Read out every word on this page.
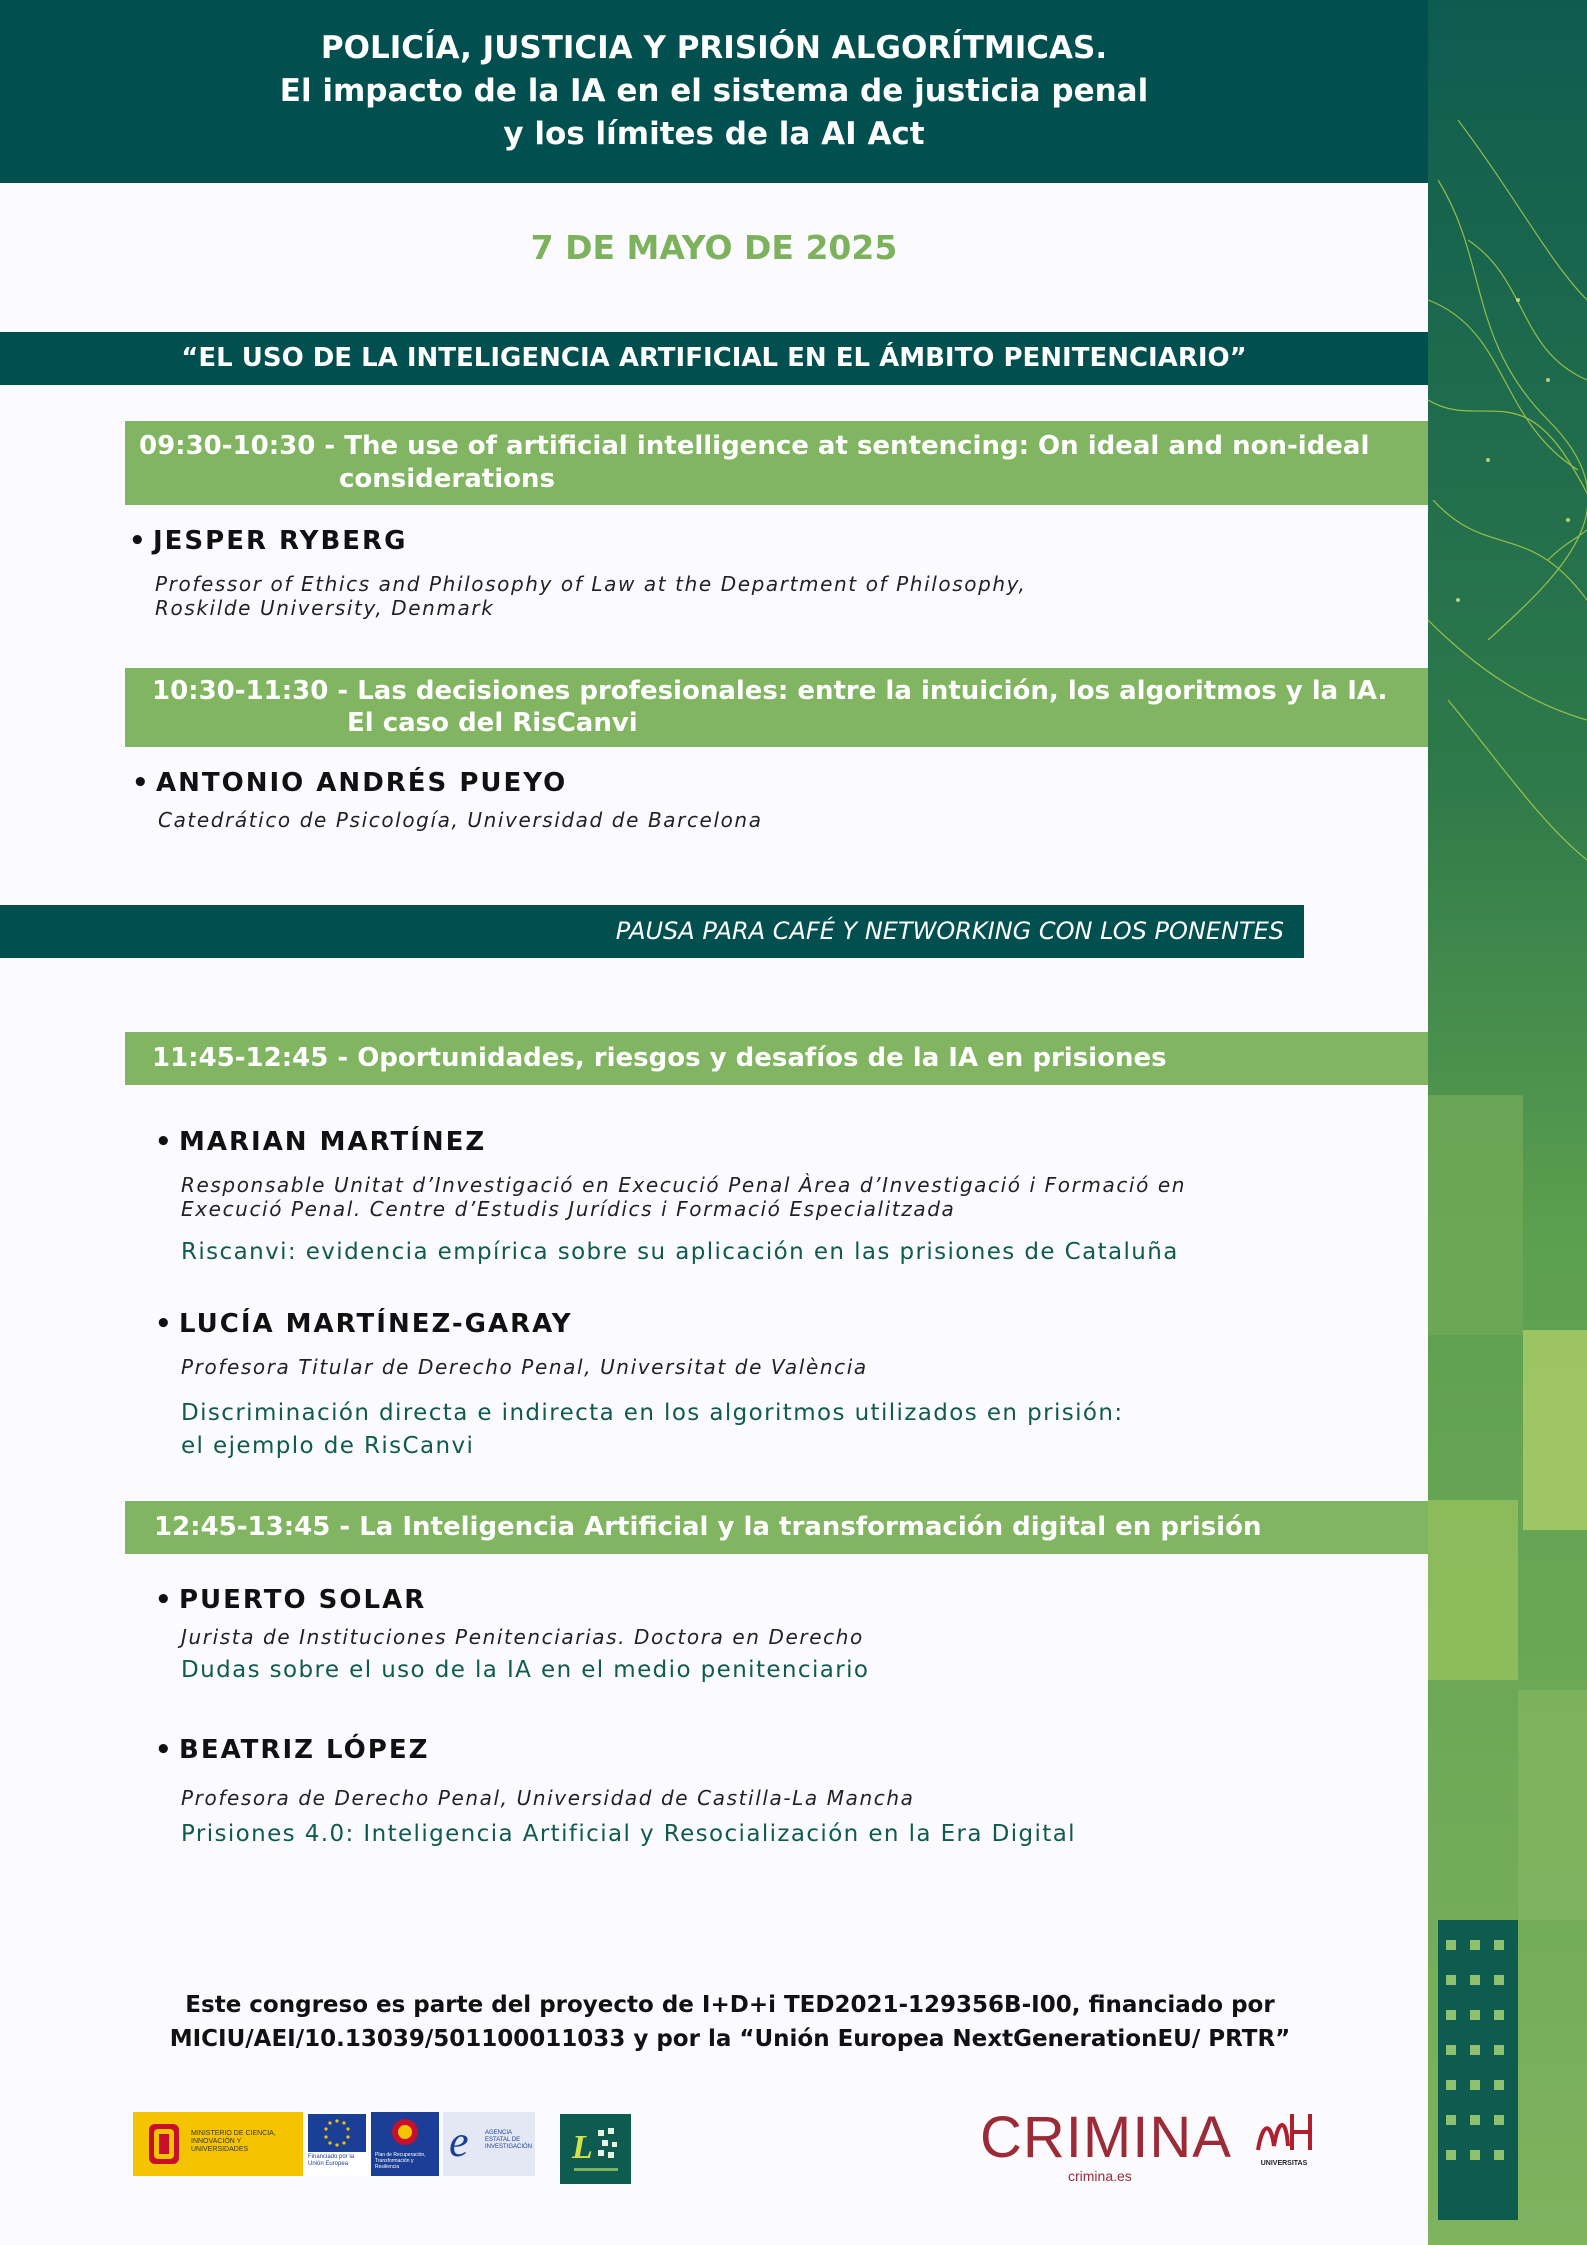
POLICÍA, JUSTICIA Y PRISIÓN ALGORÍTMICAS.
El impacto de la IA en el sistema de justicia penal
y los límites de la AI Act
7 DE MAYO DE 2025
“EL USO DE LA INTELIGENCIA ARTIFICIAL EN EL ÁMBITO PENITENCIARIO”
09:30-10:30 - The use of artificial intelligence at sentencing: On ideal and non-ideal
considerations
• JESPER RYBERG
Professor of Ethics and Philosophy of Law at the Department of Philosophy,
Roskilde University, Denmark
10:30-11:30 - Las decisiones profesionales: entre la intuición, los algoritmos y la IA.
El caso del RisCanvi
• ANTONIO ANDRÉS PUEYO
Catedrático de Psicología, Universidad de Barcelona
PAUSA PARA CAFÉ Y NETWORKING CON LOS PONENTES
11:45-12:45 - Oportunidades, riesgos y desafíos de la IA en prisiones
• MARIAN MARTÍNEZ
Responsable Unitat d’Investigació en Execució Penal Àrea d’Investigació i Formació en
Execució Penal. Centre d’Estudis Jurídics i Formació Especialitzada
Riscanvi: evidencia empírica sobre su aplicación en las prisiones de Cataluña
• LUCÍA MARTÍNEZ-GARAY
Profesora Titular de Derecho Penal, Universitat de València
Discriminación directa e indirecta en los algoritmos utilizados en prisión:
el ejemplo de RisCanvi
12:45-13:45 - La Inteligencia Artificial y la transformación digital en prisión
• PUERTO SOLAR
Jurista de Instituciones Penitenciarias. Doctora en Derecho
Dudas sobre el uso de la IA en el medio penitenciario
• BEATRIZ LÓPEZ
Profesora de Derecho Penal, Universidad de Castilla-La Mancha
Prisiones 4.0: Inteligencia Artificial y Resocialización en la Era Digital
Este congreso es parte del proyecto de I+D+i TED2021-129356B-I00, financiado por
MICIU/AEI/10.13039/501100011033 y por la “Unión Europea NextGenerationEU/ PRTR”
MINISTERIO DE CIENCIA, INNOVACIÓN Y UNIVERSIDADES
Financiado por la Unión Europea
Plan de Recuperación, Transformación y Resiliencia
e	AGENCIA ESTATAL DE INVESTIGACIÓN L	CRIMINA
crimina.es
UNIVERSITAS
